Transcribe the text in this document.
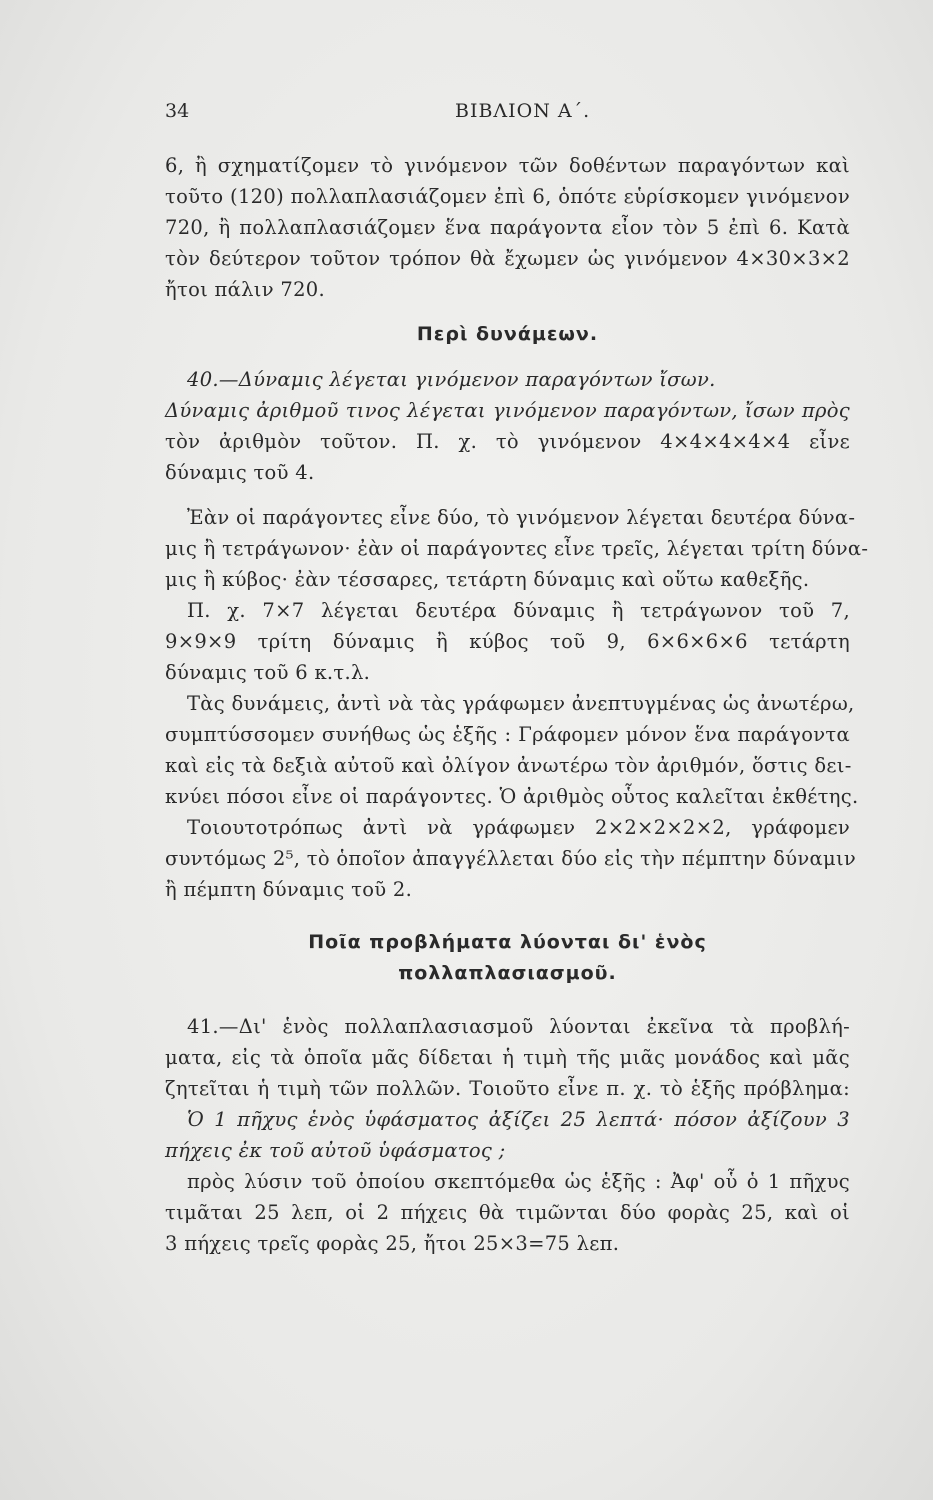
34	ΒΙΒΛΙΟΝ Α΄.
6, ἢ σχηματίζομεν τὸ γινόμενον τῶν δοθέντων παραγόντων καὶ
τοῦτο (120) πολλαπλασιάζομεν ἐπὶ 6, ὁπότε εὑρίσκομεν γινόμενον
720, ἢ πολλαπλασιάζομεν ἕνα παράγοντα εἶον τὸν 5 ἐπὶ 6. Κατὰ
τὸν δεύτερον τοῦτον τρόπον θὰ ἔχωμεν ὡς γινόμενον 4×30×3×2
ἤτοι πάλιν 720.
Περὶ δυνάμεων.
40.—Δύναμις λέγεται γινόμενον παραγόντων ἴσων.
Δύναμις ἀριθμοῦ τινος λέγεται γινόμενον παραγόντων, ἴσων πρὸς
τὸν ἀριθμὸν τοῦτον. Π. χ. τὸ γινόμενον 4×4×4×4×4 εἶνε
δύναμις τοῦ 4.
Ἐὰν οἱ παράγοντες εἶνε δύο, τὸ γινόμενον λέγεται δευτέρα δύνα-
μις ἢ τετράγωνον· ἐὰν οἱ παράγοντες εἶνε τρεῖς, λέγεται τρίτη δύνα-
μις ἢ κύβος· ἐὰν τέσσαρες, τετάρτη δύναμις καὶ οὕτω καθεξῆς.
Π. χ. 7×7 λέγεται δευτέρα δύναμις ἢ τετράγωνον τοῦ 7,
9×9×9 τρίτη δύναμις ἢ κύβος τοῦ 9, 6×6×6×6 τετάρτη
δύναμις τοῦ 6 κ.τ.λ.
Τὰς δυνάμεις, ἀντὶ νὰ τὰς γράφωμεν ἀνεπτυγμένας ὡς ἀνωτέρω,
συμπτύσσομεν συνήθως ὡς ἑξῆς : Γράφομεν μόνον ἕνα παράγοντα
καὶ εἰς τὰ δεξιὰ αὐτοῦ καὶ ὀλίγον ἀνωτέρω τὸν ἀριθμόν, ὅστις δει-
κνύει πόσοι εἶνε οἱ παράγοντες. Ὁ ἀριθμὸς οὗτος καλεῖται ἐκθέτης.
Τοιουτοτρόπως ἀντὶ νὰ γράφωμεν 2×2×2×2×2, γράφομεν
συντόμως 2⁵, τὸ ὁποῖον ἀπαγγέλλεται δύο εἰς τὴν πέμπτην δύναμιν
ἢ πέμπτη δύναμις τοῦ 2.
Ποῖα προβλήματα λύονται δι' ἑνὸς
πολλαπλασιασμοῦ.
41.—Δι' ἑνὸς πολλαπλασιασμοῦ λύονται ἐκεῖνα τὰ προβλή-
ματα, εἰς τὰ ὁποῖα μᾶς δίδεται ἡ τιμὴ τῆς μιᾶς μονάδος καὶ μᾶς
ζητεῖται ἡ τιμὴ τῶν πολλῶν. Τοιοῦτο εἶνε π. χ. τὸ ἑξῆς πρόβλημα:
Ὁ 1 πῆχυς ἑνὸς ὑφάσματος ἀξίζει 25 λεπτά· πόσον ἀξίζουν 3
πήχεις ἐκ τοῦ αὐτοῦ ὑφάσματος ;
πρὸς λύσιν τοῦ ὁποίου σκεπτόμεθα ὡς ἑξῆς : Ἀφ' οὗ ὁ 1 πῆχυς
τιμᾶται 25 λεπ, οἱ 2 πήχεις θὰ τιμῶνται δύο φορὰς 25, καὶ οἱ
3 πήχεις τρεῖς φορὰς 25, ἤτοι 25×3=75 λεπ.
